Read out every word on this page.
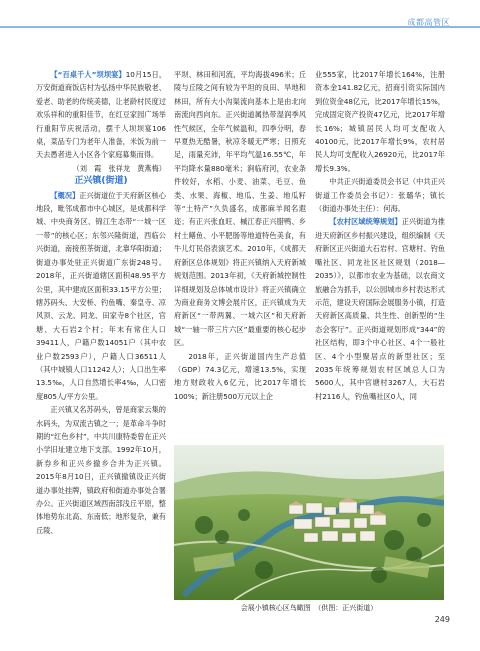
成都高管区

【“百桌千人”坝坝宴】10月15日，万安街道商饭店村为弘扬中华民族敬老、爱老、助老的传统美德，让老龄村民度过欢乐祥和的重阳佳节，在红豆家园广场举行重阳节庆祝活动，摆千人坝坝宴106桌，菜品专门为老年人准备，米饭为前一天去愚者进入小区各个家庭募集而得。

（刘　霞　张祥龙　黄燕梅）

正兴镇(街道)

【概况】正兴街道位于天府新区核心地段，毗邻成都市中心城区，是成都科学城、中央商务区、锦江生态带“一城一区一带”的核心区；东邻兴隆街道，西临公兴街道，南接煎茶街道，北靠华阳街道；街道办事处驻正兴街道广东街248号。2018年，正兴街道辖区面积48.95平方公里，其中建成区面积33.15平方公里；辖苏码头、大安桥、钓鱼嘴、秦皇寺、凉风顶、云龙、同龙、田家寺8个社区，官塘、大石岩2个村；年末有常住人口39411人，户籍户数14051户（其中农业户数2593户），户籍人口36511人（其中城镇人口11242人）；人口出生率13.5‰，人口自然增长率4‰，人口密度805人/平方公里。

正兴镇又名苏码头，曾是商家云集的水码头，为双流古镇之一；是革命斗争时期的“红色乡村”，中共川康特委曾在正兴小学旧址建立地下支部。1992年10月，新券乡和正兴乡撤乡合并为正兴镇。2015年8月10日，正兴镇撤镇设正兴街道办事处挂牌，镇政府和街道办事处合署办公。正兴街道区域西南部浅丘平原，整体地势东北高、东南低；地形复杂，兼有丘陵、

平坝、林田和河流，平均海拔496米；丘陵与丘陵之间有较为平坦的良田、旱地和林田，所有大小沟渠流向基本上是由北向南流向西向东。正兴街道属热带湿润季风性气候区，全年气候温和，四季分明，春早夏热无酷暑，秋凉冬暖无严寒；日照充足，雨量充沛，年平均气温16.55℃，年平均降水量880毫米；涧临府河，农业条件较好，水稻、小麦、油菜、毛豆、鱼类、水果、海椒、地瓜、生姜、地瓜籽等“土特产”久负盛名，成都麻羊闻名遐迩；有正兴张血旺、槭江春正兴腊鸭、乡村土鳝鱼、小平肥肠等地道特色美食，有牛儿灯民俗表演艺术。2010年，《成都天府新区总体规划》将正兴镇纳入天府新城规划范围。2013年初，《天府新城控制性详细规划及总体城市设计》将正兴镇确立为商业商务文博会展片区，正兴镇成为天府新区“一带两翼、一城六区”和天府新城“一轴一带三片六区”最重要的核心起步区。

2018年，正兴街道国内生产总值（GDP）74.3亿元，增速13.5%，实现地方财政收入6亿元，比2017年增长100%；新注册500万元以上企

业555家，比2017年增长164%，注册资本金141.82亿元，招商引资实际国内到位资金48亿元，比2017年增长15%，完成固定资产投资47亿元，比2017年增长16%；城镇居民人均可支配收入40100元，比2017年增长9%，农村居民人均可支配收入26920元，比2017年增长9.3%。

中共正兴街道委员会书记（中共正兴街道工作委员会书记）：张璐华；镇长（街道办事处主任）：何海。

【农村区域统筹规划】正兴街道为推进天府新区乡村振兴建设，组织编制《天府新区正兴街道大石岩村、官塘村、钓鱼嘴社区、同龙社区社区规划（2018—2035）》，以都市农业为基础，以农商文旅融合为抓手，以公园城市乡村表达形式示范，建设天府国际会展服务小镇，打造天府新区高质量、共生性、创新型的“生态会客厅”。正兴街道规划形成“344”的社区结构，即3个中心社区、4个一般社区、4个小型聚居点的新型社区；至2035年统筹规划农村区域总人口为5600人，其中官塘村3267人，大石岩村2116人，钓鱼嘴社区0人，同

会展小镇核心区鸟瞰图　（供图：正兴街道）
249
